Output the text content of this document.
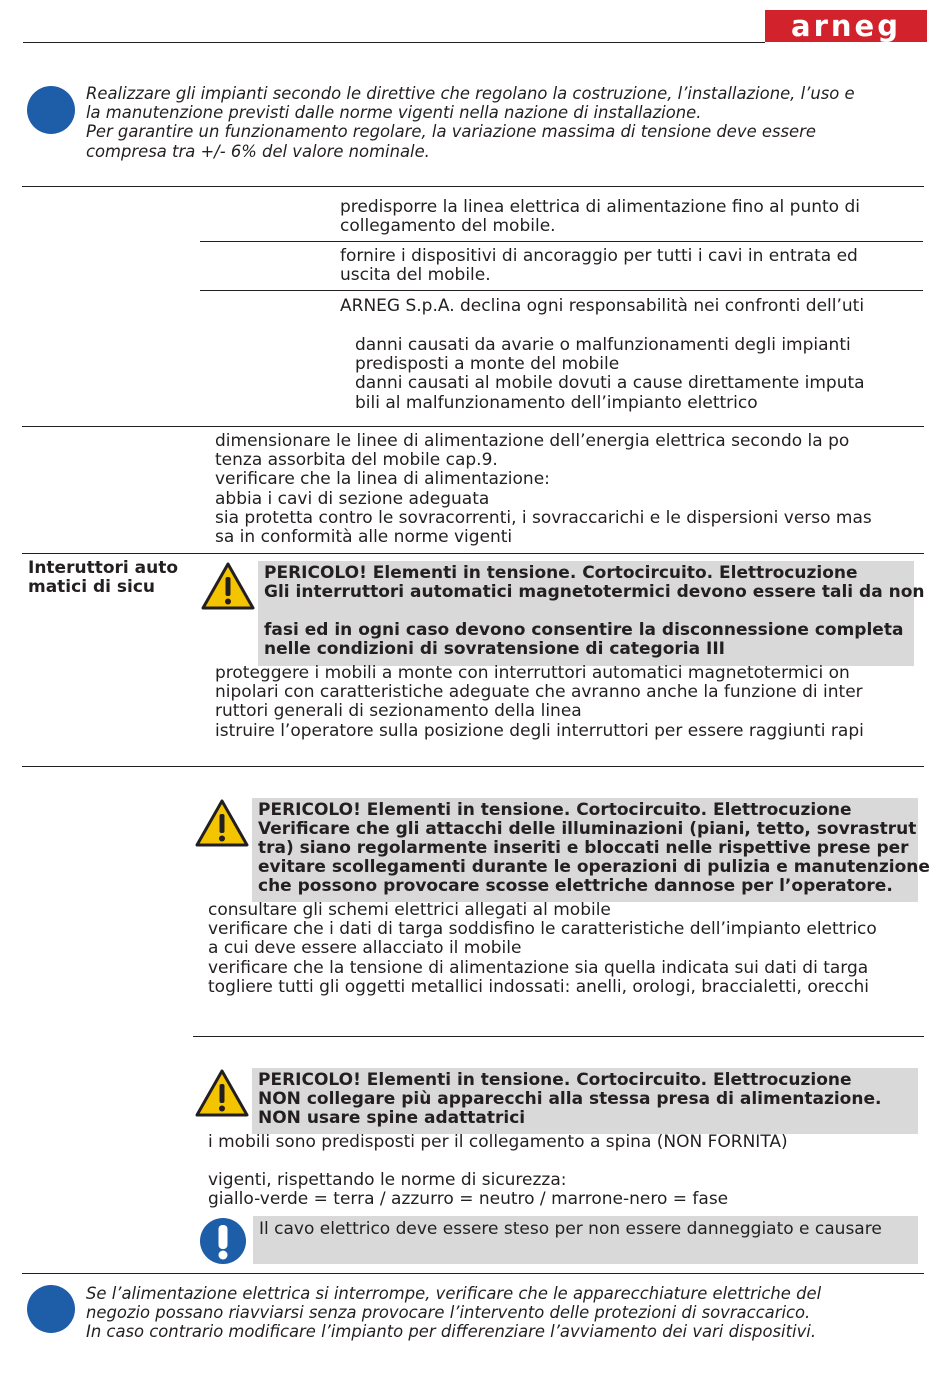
arneg
Realizzare gli impianti secondo le direttive che regolano la costruzione, l’installazione, l’uso e
la manutenzione previsti dalle norme vigenti nella nazione di installazione.
Per garantire un funzionamento regolare, la variazione massima di tensione deve essere
compresa tra +/- 6% del valore nominale.
predisporre la linea elettrica di alimentazione fino al punto di
collegamento del mobile.
fornire i dispositivi di ancoraggio per tutti i cavi in entrata ed
uscita del mobile.
ARNEG S.p.A. declina ogni responsabilità nei confronti dell’uti
danni causati da avarie o malfunzionamenti degli impianti
predisposti a monte del mobile
danni causati al mobile dovuti a cause direttamente imputa
bili al malfunzionamento dell’impianto elettrico
dimensionare le linee di alimentazione dell’energia elettrica secondo la po
tenza assorbita del mobile cap.9.
verificare che la linea di alimentazione:
abbia i cavi di sezione adeguata
sia protetta contro le sovracorrenti, i sovraccarichi e le dispersioni verso mas
sa in conformità alle norme vigenti
Interuttori auto
matici di sicu
PERICOLO! Elementi in tensione. Cortocircuito. Elettrocuzione
Gli interruttori automatici magnetotermici devono essere tali da non
fasi ed in ogni caso devono consentire la disconnessione completa
nelle condizioni di sovratensione di categoria III
proteggere i mobili a monte con interruttori automatici magnetotermici on
nipolari con caratteristiche adeguate che avranno anche la funzione di inter
ruttori generali di sezionamento della linea
istruire l’operatore sulla posizione degli interruttori per essere raggiunti rapi
PERICOLO! Elementi in tensione. Cortocircuito. Elettrocuzione
Verificare che gli attacchi delle illuminazioni (piani, tetto, sovrastrut
tra) siano regolarmente inseriti e bloccati nelle rispettive prese per
evitare scollegamenti durante le operazioni di pulizia e manutenzione
che possono provocare scosse elettriche dannose per l’operatore.
consultare gli schemi elettrici allegati al mobile
verificare che i dati di targa soddisfino le caratteristiche dell’impianto elettrico
a cui deve essere allacciato il mobile
verificare che la tensione di alimentazione sia quella indicata sui dati di targa
togliere tutti gli oggetti metallici indossati: anelli, orologi, braccialetti, orecchi
PERICOLO! Elementi in tensione. Cortocircuito. Elettrocuzione
NON collegare più apparecchi alla stessa presa di alimentazione.
NON usare spine adattatrici
i mobili sono predisposti per il collegamento a spina (NON FORNITA)
vigenti, rispettando le norme di sicurezza:
giallo-verde = terra / azzurro = neutro / marrone-nero = fase
Il cavo elettrico deve essere steso per non essere danneggiato e causare
Se l’alimentazione elettrica si interrompe, verificare che le apparecchiature elettriche del
negozio possano riavviarsi senza provocare l’intervento delle protezioni di sovraccarico.
In caso contrario modificare l’impianto per differenziare l’avviamento dei vari dispositivi.
